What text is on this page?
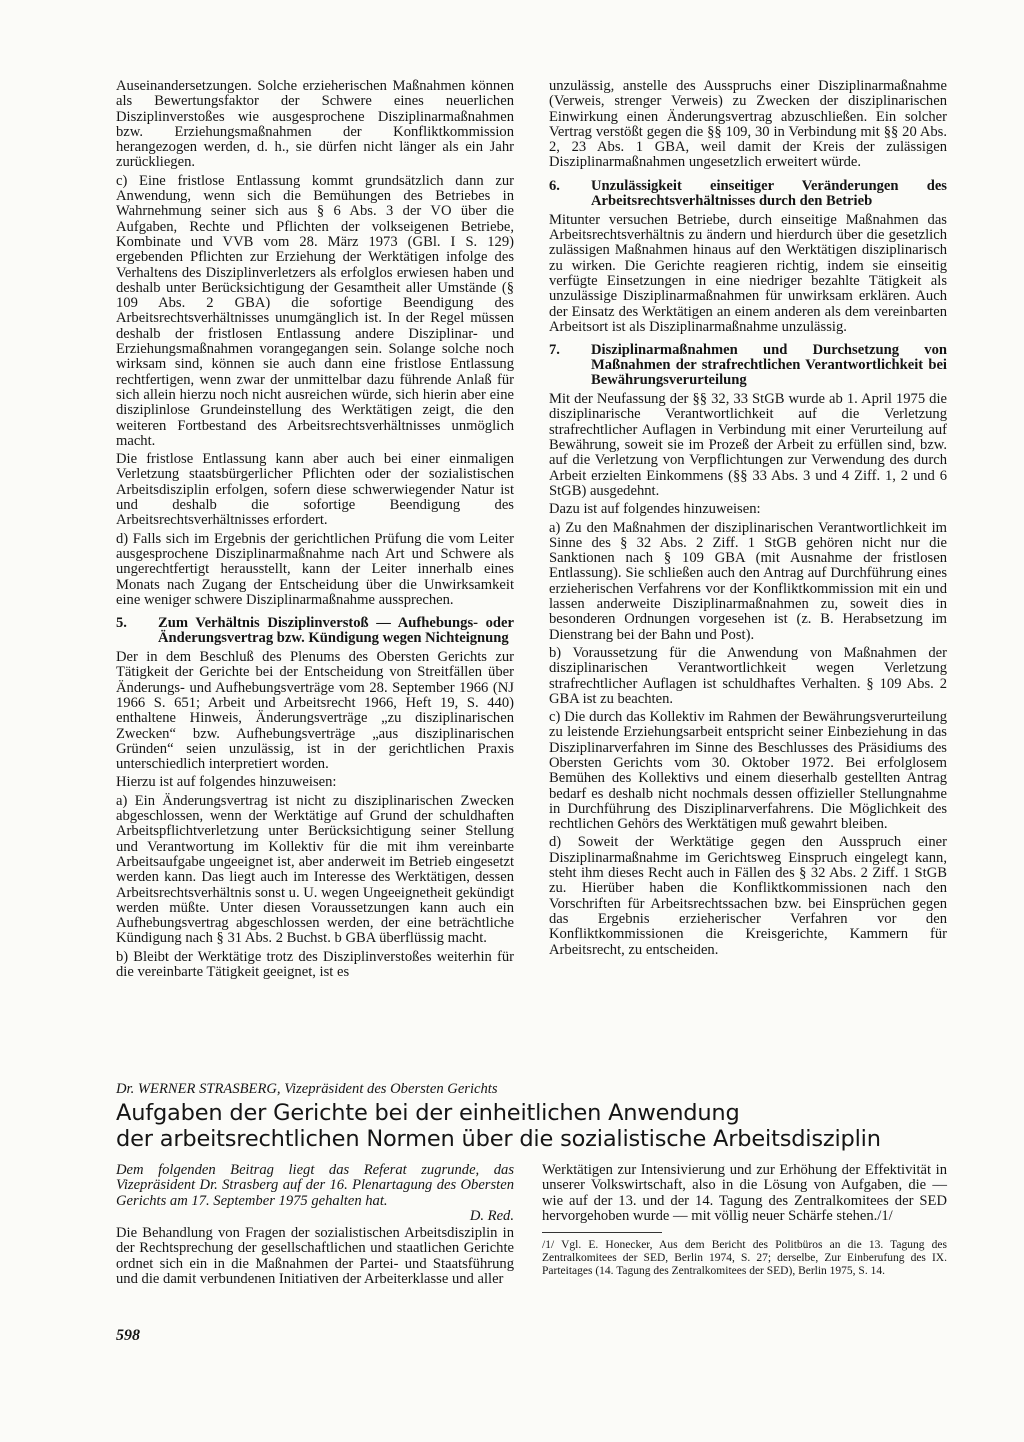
Auseinandersetzungen. Solche erzieherischen Maßnahmen können als Bewertungsfaktor der Schwere eines neuerlichen Disziplinverstoßes wie ausgesprochene Disziplinarmaßnahmen bzw. Erziehungsmaßnahmen der Konfliktkommission herangezogen werden, d. h., sie dürfen nicht länger als ein Jahr zurückliegen.

c) Eine fristlose Entlassung kommt grundsätzlich dann zur Anwendung, wenn sich die Bemühungen des Betriebes in Wahrnehmung seiner sich aus § 6 Abs. 3 der VO über die Aufgaben, Rechte und Pflichten der volkseigenen Betriebe, Kombinate und VVB vom 28. März 1973 (GBl. I S. 129) ergebenden Pflichten zur Erziehung der Werktätigen infolge des Verhaltens des Disziplinverletzers als erfolglos erwiesen haben und deshalb unter Berücksichtigung der Gesamtheit aller Umstände (§ 109 Abs. 2 GBA) die sofortige Beendigung des Arbeitsrechtsverhältnisses unumgänglich ist. In der Regel müssen deshalb der fristlosen Entlassung andere Disziplinar- und Erziehungsmaßnahmen vorangegangen sein. Solange solche noch wirksam sind, können sie auch dann eine fristlose Entlassung rechtfertigen, wenn zwar der unmittelbar dazu führende Anlaß für sich allein hierzu noch nicht ausreichen würde, sich hierin aber eine disziplinlose Grundeinstellung des Werktätigen zeigt, die den weiteren Fortbestand des Arbeitsrechtsverhältnisses unmöglich macht.

Die fristlose Entlassung kann aber auch bei einer einmaligen Verletzung staatsbürgerlicher Pflichten oder der sozialistischen Arbeitsdisziplin erfolgen, sofern diese schwerwiegender Natur ist und deshalb die sofortige Beendigung des Arbeitsrechtsverhältnisses erfordert.

d) Falls sich im Ergebnis der gerichtlichen Prüfung die vom Leiter ausgesprochene Disziplinarmaßnahme nach Art und Schwere als ungerechtfertigt herausstellt, kann der Leiter innerhalb eines Monats nach Zugang der Entscheidung über die Unwirksamkeit eine weniger schwere Disziplinarmaßnahme aussprechen.

5.	Zum Verhältnis Disziplinverstoß — Aufhebungs- oder Änderungsvertrag bzw. Kündigung wegen Nichteignung

Der in dem Beschluß des Plenums des Obersten Gerichts zur Tätigkeit der Gerichte bei der Entscheidung von Streitfällen über Änderungs- und Aufhebungsverträge vom 28. September 1966 (NJ 1966 S. 651; Arbeit und Arbeitsrecht 1966, Heft 19, S. 440) enthaltene Hinweis, Änderungsverträge „zu disziplinarischen Zwecken“ bzw. Aufhebungsverträge „aus disziplinarischen Gründen“ seien unzulässig, ist in der gerichtlichen Praxis unterschiedlich interpretiert worden.

Hierzu ist auf folgendes hinzuweisen:

a) Ein Änderungsvertrag ist nicht zu disziplinarischen Zwecken abgeschlossen, wenn der Werktätige auf Grund der schuldhaften Arbeitspflichtverletzung unter Berücksichtigung seiner Stellung und Verantwortung im Kollektiv für die mit ihm vereinbarte Arbeitsaufgabe ungeeignet ist, aber anderweit im Betrieb eingesetzt werden kann. Das liegt auch im Interesse des Werktätigen, dessen Arbeitsrechtsverhältnis sonst u. U. wegen Ungeeignetheit gekündigt werden müßte. Unter diesen Voraussetzungen kann auch ein Aufhebungsvertrag abgeschlossen werden, der eine beträchtliche Kündigung nach § 31 Abs. 2 Buchst. b GBA überflüssig macht.

b) Bleibt der Werktätige trotz des Disziplinverstoßes weiterhin für die vereinbarte Tätigkeit geeignet, ist es

unzulässig, anstelle des Ausspruchs einer Disziplinarmaßnahme (Verweis, strenger Verweis) zu Zwecken der disziplinarischen Einwirkung einen Änderungsvertrag abzuschließen. Ein solcher Vertrag verstößt gegen die §§ 109, 30 in Verbindung mit §§ 20 Abs. 2, 23 Abs. 1 GBA, weil damit der Kreis der zulässigen Disziplinarmaßnahmen ungesetzlich erweitert würde.

6.	Unzulässigkeit einseitiger Veränderungen des Arbeitsrechtsverhältnisses durch den Betrieb

Mitunter versuchen Betriebe, durch einseitige Maßnahmen das Arbeitsrechtsverhältnis zu ändern und hierdurch über die gesetzlich zulässigen Maßnahmen hinaus auf den Werktätigen disziplinarisch zu wirken. Die Gerichte reagieren richtig, indem sie einseitig verfügte Einsetzungen in eine niedriger bezahlte Tätigkeit als unzulässige Disziplinarmaßnahmen für unwirksam erklären. Auch der Einsatz des Werktätigen an einem anderen als dem vereinbarten Arbeitsort ist als Disziplinarmaßnahme unzulässig.

7.	Disziplinarmaßnahmen und Durchsetzung von Maßnahmen der strafrechtlichen Verantwortlichkeit bei Bewährungsverurteilung

Mit der Neufassung der §§ 32, 33 StGB wurde ab 1. April 1975 die disziplinarische Verantwortlichkeit auf die Verletzung strafrechtlicher Auflagen in Verbindung mit einer Verurteilung auf Bewährung, soweit sie im Prozeß der Arbeit zu erfüllen sind, bzw. auf die Verletzung von Verpflichtungen zur Verwendung des durch Arbeit erzielten Einkommens (§§ 33 Abs. 3 und 4 Ziff. 1, 2 und 6 StGB) ausgedehnt.

Dazu ist auf folgendes hinzuweisen:

a) Zu den Maßnahmen der disziplinarischen Verantwortlichkeit im Sinne des § 32 Abs. 2 Ziff. 1 StGB gehören nicht nur die Sanktionen nach § 109 GBA (mit Ausnahme der fristlosen Entlassung). Sie schließen auch den Antrag auf Durchführung eines erzieherischen Verfahrens vor der Konfliktkommission mit ein und lassen anderweite Disziplinarmaßnahmen zu, soweit dies in besonderen Ordnungen vorgesehen ist (z. B. Herabsetzung im Dienstrang bei der Bahn und Post).

b) Voraussetzung für die Anwendung von Maßnahmen der disziplinarischen Verantwortlichkeit wegen Verletzung strafrechtlicher Auflagen ist schuldhaftes Verhalten. § 109 Abs. 2 GBA ist zu beachten.

c) Die durch das Kollektiv im Rahmen der Bewährungsverurteilung zu leistende Erziehungsarbeit entspricht seiner Einbeziehung in das Disziplinarverfahren im Sinne des Beschlusses des Präsidiums des Obersten Gerichts vom 30. Oktober 1972. Bei erfolglosem Bemühen des Kollektivs und einem dieserhalb gestellten Antrag bedarf es deshalb nicht nochmals dessen offizieller Stellungnahme in Durchführung des Disziplinarverfahrens. Die Möglichkeit des rechtlichen Gehörs des Werktätigen muß gewahrt bleiben.

d) Soweit der Werktätige gegen den Ausspruch einer Disziplinarmaßnahme im Gerichtsweg Einspruch eingelegt kann, steht ihm dieses Recht auch in Fällen des § 32 Abs. 2 Ziff. 1 StGB zu. Hierüber haben die Konfliktkommissionen nach den Vorschriften für Arbeitsrechtssachen bzw. bei Einsprüchen gegen das Ergebnis erzieherischer Verfahren vor den Konfliktkommissionen die Kreisgerichte, Kammern für Arbeitsrecht, zu entscheiden.

Dr. WERNER STRASBERG, Vizepräsident des Obersten Gerichts
Aufgaben der Gerichte bei der einheitlichen Anwendung
der arbeitsrechtlichen Normen über die sozialistische Arbeitsdisziplin

Dem folgenden Beitrag liegt das Referat zugrunde, das Vizepräsident Dr. Strasberg auf der 16. Plenartagung des Obersten Gerichts am 17. September 1975 gehalten hat.
D. Red.

Die Behandlung von Fragen der sozialistischen Arbeitsdisziplin in der Rechtsprechung der gesellschaftlichen und staatlichen Gerichte ordnet sich ein in die Maßnahmen der Partei- und Staatsführung und die damit verbundenen Initiativen der Arbeiterklasse und aller

Werktätigen zur Intensivierung und zur Erhöhung der Effektivität in unserer Volkswirtschaft, also in die Lösung von Aufgaben, die — wie auf der 13. und der 14. Tagung des Zentralkomitees der SED hervorgehoben wurde — mit völlig neuer Schärfe stehen./1/

/1/ Vgl. E. Honecker, Aus dem Bericht des Politbüros an die 13. Tagung des Zentralkomitees der SED, Berlin 1974, S. 27; derselbe, Zur Einberufung des IX. Parteitages (14. Tagung des Zentralkomitees der SED), Berlin 1975, S. 14.

598
